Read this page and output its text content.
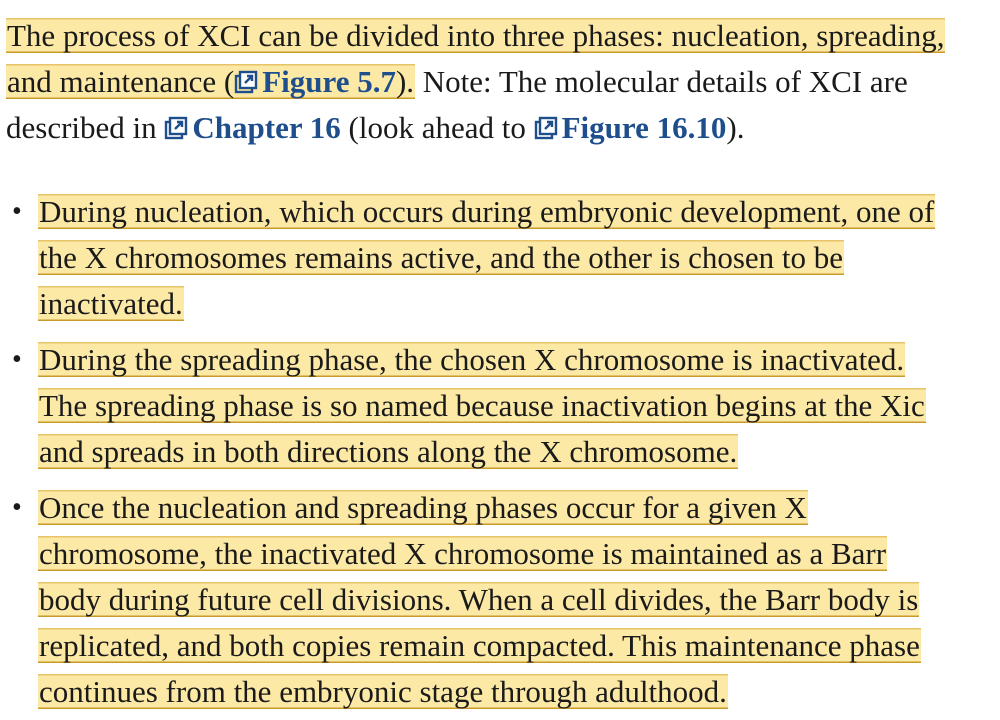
The process of XCI can be divided into three phases: nucleation, spreading,
and maintenance ( Figure 5.7). Note: The molecular details of XCI are
described in Chapter 16 (look ahead to Figure 16.10).
• During nucleation, which occurs during embryonic development, one of
the X chromosomes remains active, and the other is chosen to be
inactivated.
• During the spreading phase, the chosen X chromosome is inactivated.
The spreading phase is so named because inactivation begins at the Xic
and spreads in both directions along the X chromosome.
• Once the nucleation and spreading phases occur for a given X
chromosome, the inactivated X chromosome is maintained as a Barr
body during future cell divisions. When a cell divides, the Barr body is
replicated, and both copies remain compacted. This maintenance phase
continues from the embryonic stage through adulthood.
